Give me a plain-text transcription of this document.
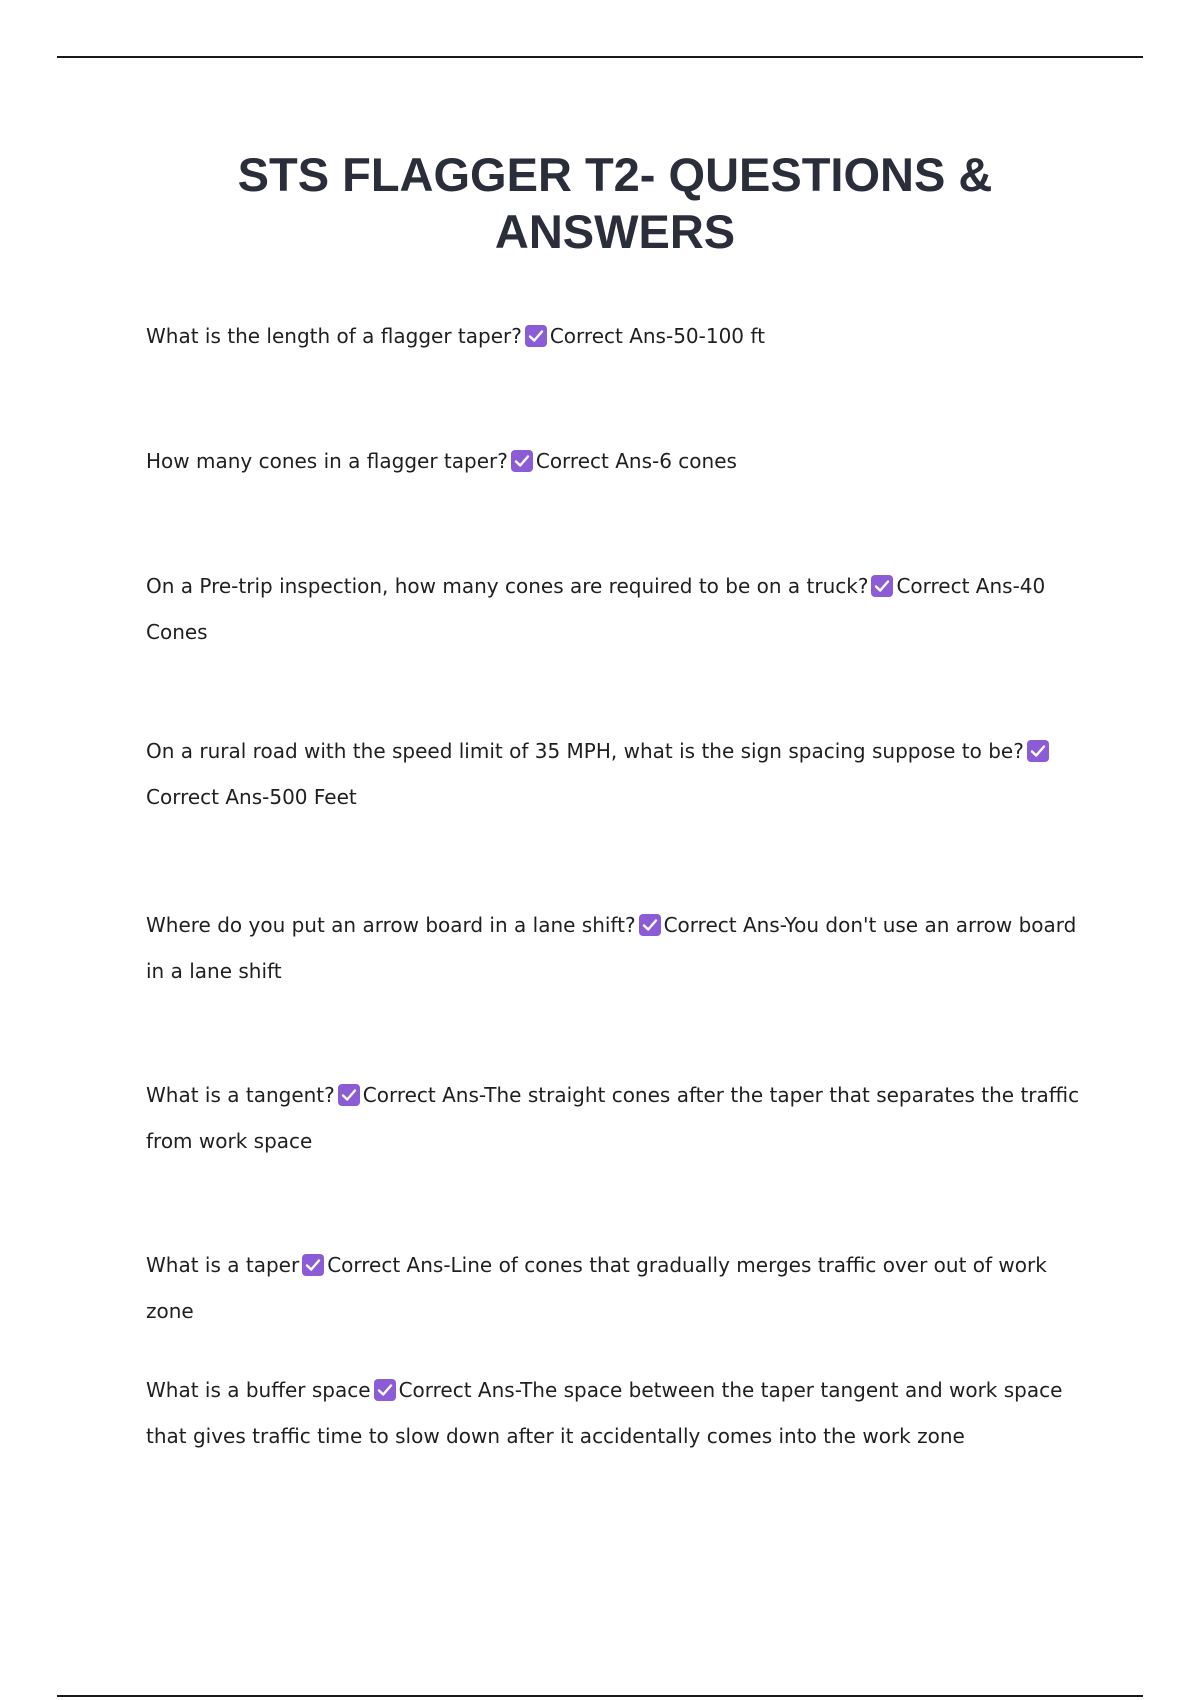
STS FLAGGER T2- QUESTIONS & ANSWERS

What is the length of a flagger taper? Correct Ans-50-100 ft

How many cones in a flagger taper? Correct Ans-6 cones

On a Pre-trip inspection, how many cones are required to be on a truck? Correct Ans-40 Cones

On a rural road with the speed limit of 35 MPH, what is the sign spacing suppose to be?
Correct Ans-500 Feet

Where do you put an arrow board in a lane shift? Correct Ans-You don't use an arrow board in a lane shift

What is a tangent? Correct Ans-The straight cones after the taper that separates the traffic from work space

What is a taper Correct Ans-Line of cones that gradually merges traffic over out of work zone

What is a buffer space Correct Ans-The space between the taper tangent and work space that gives traffic time to slow down after it accidentally comes into the work zone
